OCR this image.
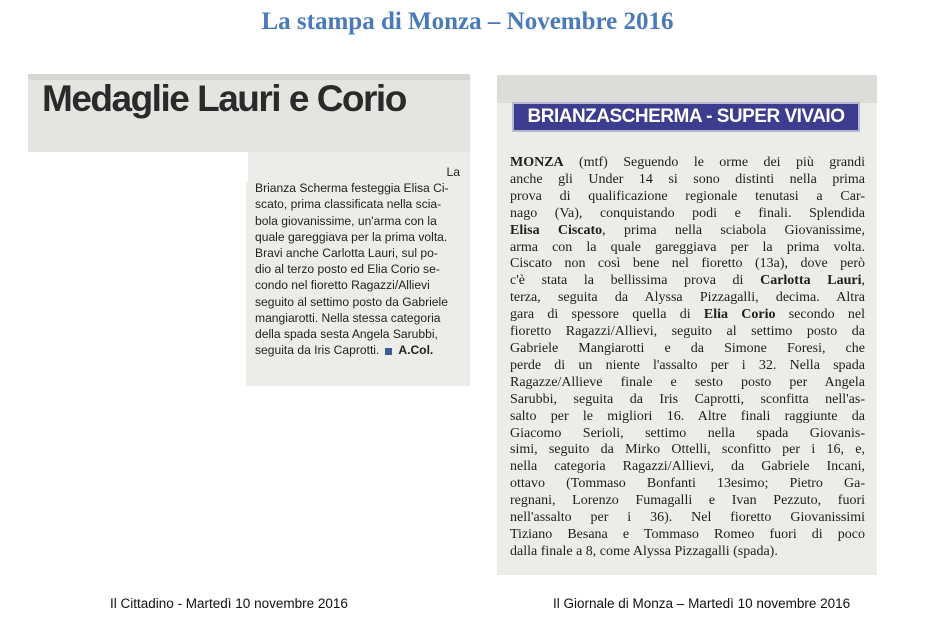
La stampa di Monza – Novembre 2016
Medaglie Lauri e Corio
La
Brianza Scherma festeggia Elisa Ci-
scato, prima classificata nella scia-
bola giovanissime, un'arma con la
quale gareggiava per la prima volta.
Bravi anche Carlotta Lauri, sul po-
dio al terzo posto ed Elia Corio se-
condo nel fioretto Ragazzi/Allievi
seguito al settimo posto da Gabriele
mangiarotti. Nella stessa categoria
della spada sesta Angela Sarubbi,
seguita da Iris Caprotti. A.Col.
BRIANZASCHERMA - SUPER VIVAIO
MONZA (mtf) Seguendo le orme dei più grandi
anche gli Under 14 si sono distinti nella prima
prova di qualificazione regionale tenutasi a Car-
nago (Va), conquistando podi e finali. Splendida
Elisa Ciscato, prima nella sciabola Giovanissime,
arma con la quale gareggiava per la prima volta.
Ciscato non così bene nel fioretto (13a), dove però
c'è stata la bellissima prova di Carlotta Lauri,
terza, seguita da Alyssa Pizzagalli, decima. Altra
gara di spessore quella di Elia Corio secondo nel
fioretto Ragazzi/Allievi, seguito al settimo posto da
Gabriele Mangiarotti e da Simone Foresi, che
perde di un niente l'assalto per i 32. Nella spada
Ragazze/Allieve finale e sesto posto per Angela
Sarubbi, seguita da Iris Caprotti, sconfitta nell'as-
salto per le migliori 16. Altre finali raggiunte da
Giacomo Serioli, settimo nella spada Giovanis-
simi, seguito da Mirko Ottelli, sconfitto per i 16, e,
nella categoria Ragazzi/Allievi, da Gabriele Incani,
ottavo (Tommaso Bonfanti 13esimo; Pietro Ga-
regnani, Lorenzo Fumagalli e Ivan Pezzuto, fuori
nell'assalto per i 36). Nel fioretto Giovanissimi
Tiziano Besana e Tommaso Romeo fuori di poco
dalla finale a 8, come Alyssa Pizzagalli (spada).
Il Cittadino - Martedì 10 novembre 2016	Il Giornale di Monza – Martedì 10 novembre 2016
